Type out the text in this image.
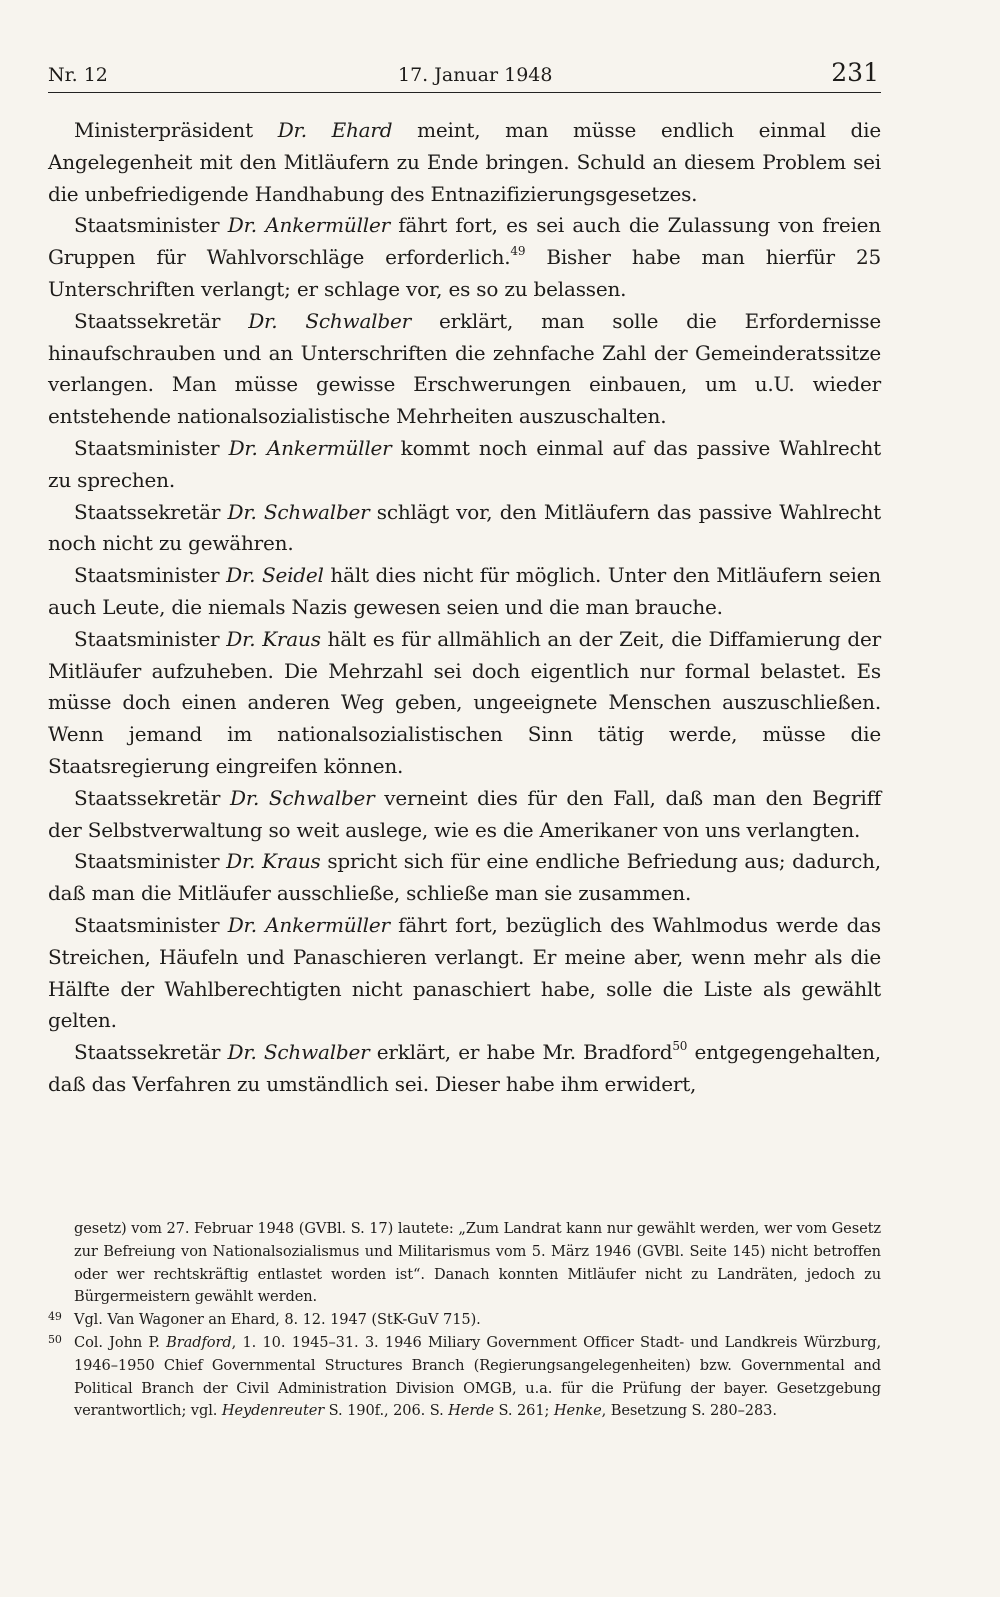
Nr. 12	17. Januar 1948	231

Ministerpräsident Dr. Ehard meint, man müsse endlich einmal die Angelegenheit mit den Mitläufern zu Ende bringen. Schuld an diesem Problem sei die unbefriedigende Handhabung des Entnazifizierungsgesetzes.

Staatsminister Dr. Ankermüller fährt fort, es sei auch die Zulassung von freien Gruppen für Wahlvorschläge erforderlich.$^{49}$ Bisher habe man hierfür 25 Unterschriften verlangt; er schlage vor, es so zu belassen.

Staatssekretär Dr. Schwalber erklärt, man solle die Erfordernisse hinaufschrauben und an Unterschriften die zehnfache Zahl der Gemeinderatssitze verlangen. Man müsse gewisse Erschwerungen einbauen, um u.U. wieder entstehende nationalsozialistische Mehrheiten auszuschalten.

Staatsminister Dr. Ankermüller kommt noch einmal auf das passive Wahlrecht zu sprechen.

Staatssekretär Dr. Schwalber schlägt vor, den Mitläufern das passive Wahlrecht noch nicht zu gewähren.

Staatsminister Dr. Seidel hält dies nicht für möglich. Unter den Mitläufern seien auch Leute, die niemals Nazis gewesen seien und die man brauche.

Staatsminister Dr. Kraus hält es für allmählich an der Zeit, die Diffamierung der Mitläufer aufzuheben. Die Mehrzahl sei doch eigentlich nur formal belastet. Es müsse doch einen anderen Weg geben, ungeeignete Menschen auszuschließen. Wenn jemand im nationalsozialistischen Sinn tätig werde, müsse die Staatsregierung eingreifen können.

Staatssekretär Dr. Schwalber verneint dies für den Fall, daß man den Begriff der Selbstverwaltung so weit auslege, wie es die Amerikaner von uns verlangten.

Staatsminister Dr. Kraus spricht sich für eine endliche Befriedung aus; dadurch, daß man die Mitläufer ausschließe, schließe man sie zusammen.

Staatsminister Dr. Ankermüller fährt fort, bezüglich des Wahlmodus werde das Streichen, Häufeln und Panaschieren verlangt. Er meine aber, wenn mehr als die Hälfte der Wahlberechtigten nicht panaschiert habe, solle die Liste als gewählt gelten.

Staatssekretär Dr. Schwalber erklärt, er habe Mr. Bradford$^{50}$ entgegengehalten, daß das Verfahren zu umständlich sei. Dieser habe ihm erwidert,

gesetz) vom 27. Februar 1948 (GVBl. S. 17) lautete: „Zum Landrat kann nur gewählt werden, wer vom Gesetz zur Befreiung von Nationalsozialismus und Militarismus vom 5. März 1946 (GVBl. Seite 145) nicht betroffen oder wer rechtskräftig entlastet worden ist“. Danach konnten Mitläufer nicht zu Landräten, jedoch zu Bürgermeistern gewählt werden.

49 Vgl. Van Wagoner an Ehard, 8. 12. 1947 (StK-GuV 715).
50 Col. John P. Bradford, 1. 10. 1945–31. 3. 1946 Miliary Government Officer Stadt- und Landkreis Würzburg, 1946–1950 Chief Governmental Structures Branch (Regierungsangelegenheiten) bzw. Governmental and Political Branch der Civil Administration Division OMGB, u.a. für die Prüfung der bayer. Gesetzgebung verantwortlich; vgl. Heydenreuter S. 190f., 206. S. Herde S. 261; Henke, Besetzung S. 280–283.
